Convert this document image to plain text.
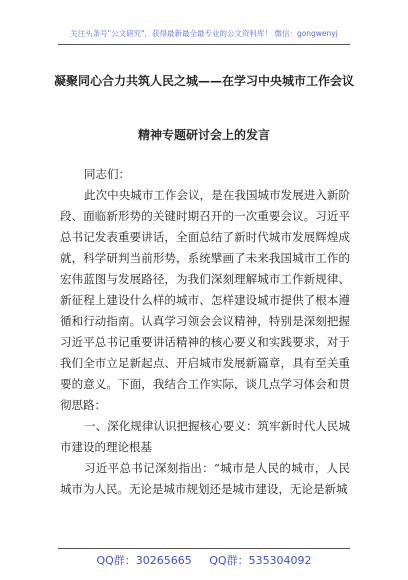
关注头条号"公文研究"，获得最新最全最专业的公文资料库！ 微信：gongwenyj
凝聚同心合力共筑人民之城——在学习中央城市工作会议
精神专题研讨会上的发言

同志们：

此次中央城市工作会议，是在我国城市发展进入新阶段、面临新形势的关键时期召开的一次重要会议。习近平总书记发表重要讲话，全面总结了新时代城市发展辉煌成就，科学研判当前形势，系统擘画了未来我国城市工作的宏伟蓝图与发展路径，为我们深刻理解城市工作新规律、新征程上建设什么样的城市、怎样建设城市提供了根本遵循和行动指南。认真学习领会会议精神，特别是深刻把握习近平总书记重要讲话精神的核心要义和实践要求，对于我们全市立足新起点、开启城市发展新篇章，具有至关重要的意义。下面，我结合工作实际，谈几点学习体会和贯彻思路：

一、深化规律认识把握核心要义：筑牢新时代人民城市建设的理论根基

习近平总书记深刻指出：“城市是人民的城市，人民城市为人民。无论是城市规划还是城市建设，无论是新城

QQ群：30265665 QQ群：535304092
